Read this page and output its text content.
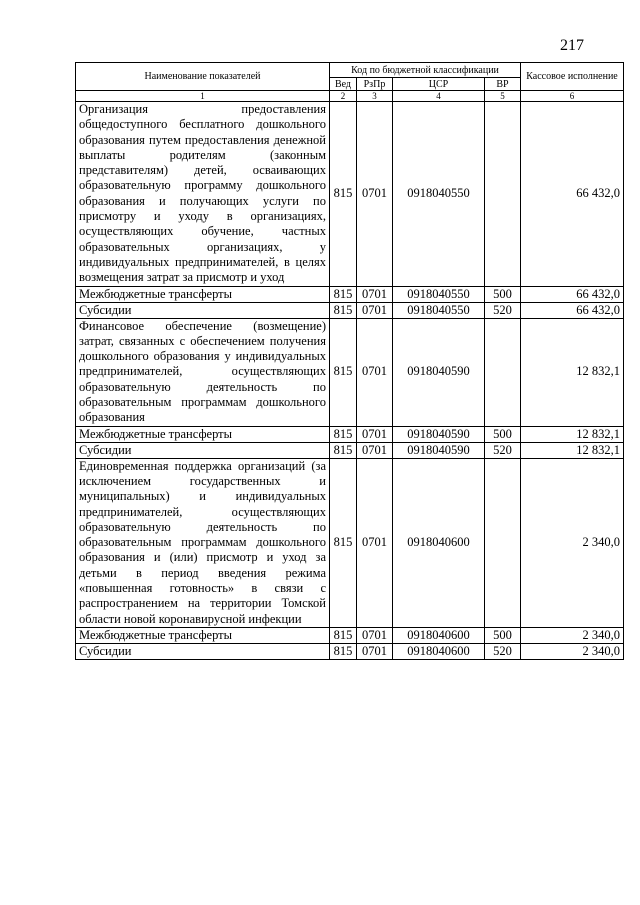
217
Наименование показателей	Код по бюджетной классификации				Кассовое исполнение
	Вед	РзПр	ЦСР	ВР	
1	2	3	4	5	6
Организация предоставления общедоступного бесплатного дошкольного образования путем предоставления денежной выплаты родителям (законным представителям) детей, осваивающих образовательную программу дошкольного образования и получающих услуги по присмотру и уходу в организациях, осуществляющих обучение, частных образовательных организациях, у индивидуальных предпринимателей, в целях возмещения затрат за присмотр и уход	815	0701	0918040550		66 432,0
Межбюджетные трансферты	815	0701	0918040550	500	66 432,0
Субсидии	815	0701	0918040550	520	66 432,0
Финансовое обеспечение (возмещение) затрат, связанных с обеспечением получения дошкольного образования у индивидуальных предпринимателей, осуществляющих образовательную деятельность по образовательным программам дошкольного образования	815	0701	0918040590		12 832,1
Межбюджетные трансферты	815	0701	0918040590	500	12 832,1
Субсидии	815	0701	0918040590	520	12 832,1
Единовременная поддержка организаций (за исключением государственных и муниципальных) и индивидуальных предпринимателей, осуществляющих образовательную деятельность по образовательным программам дошкольного образования и (или) присмотр и уход за детьми в период введения режима «повышенная готовность» в связи с распространением на территории Томской области новой коронавирусной инфекции	815	0701	0918040600		2 340,0
Межбюджетные трансферты	815	0701	0918040600	500	2 340,0
Субсидии	815	0701	0918040600	520	2 340,0
